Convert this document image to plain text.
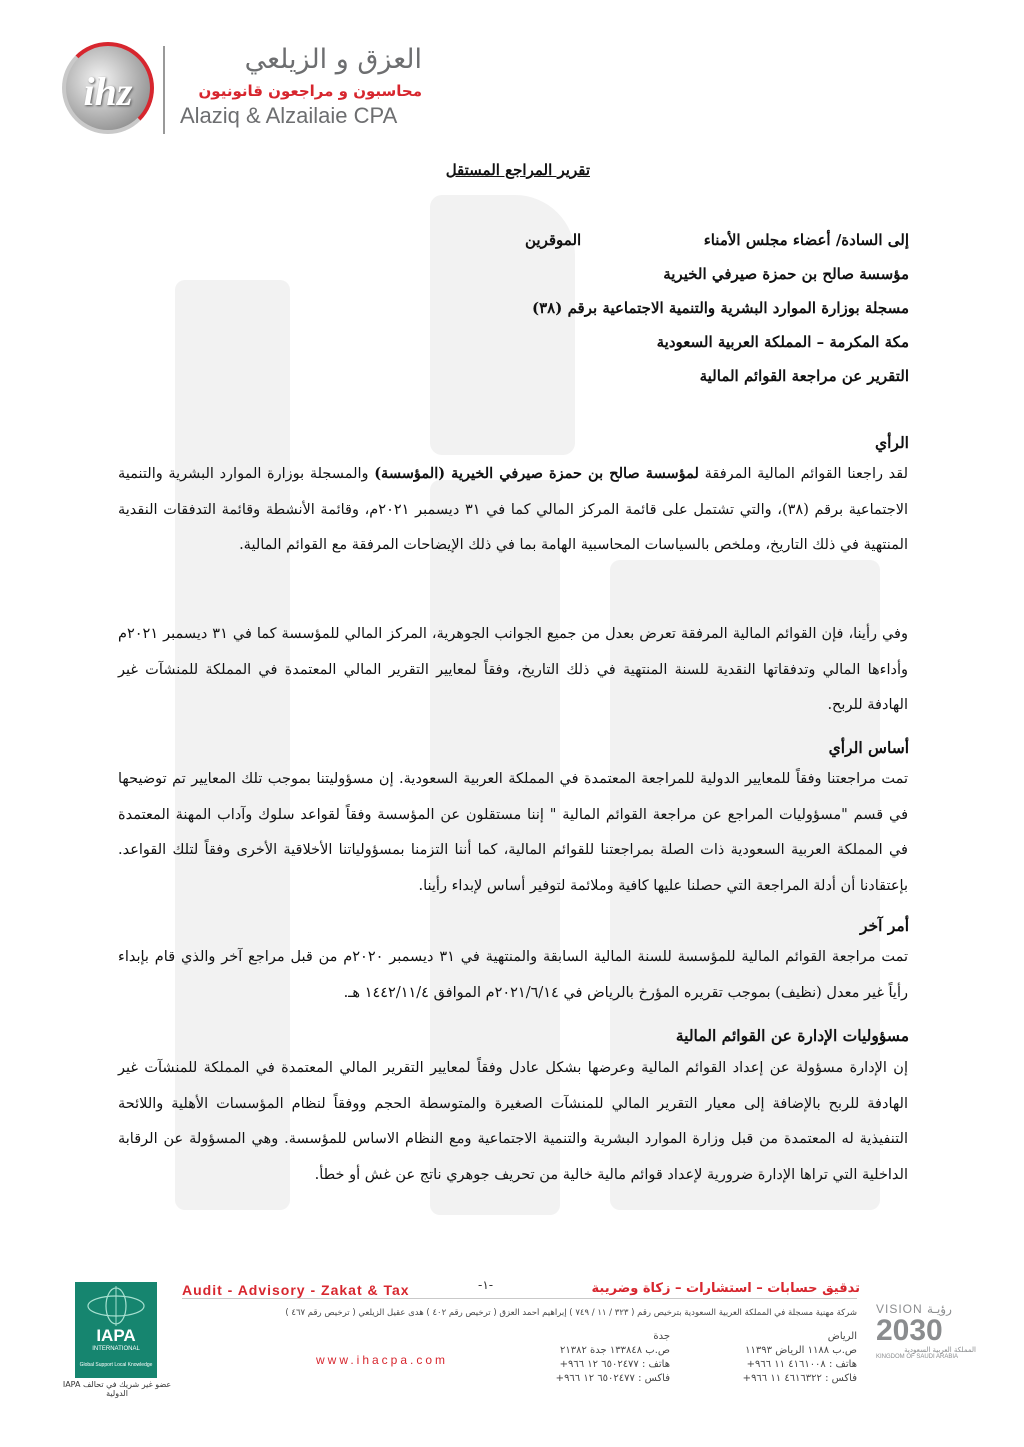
ihz
العزق و الزيلعي
محاسبون و مراجعون قانونيون
Alaziq & Alzailaie CPA
تقرير المراجع المستقل
إلى السادة/ أعضاء مجلس الأمناء  الموقرين
مؤسسة صالح بن حمزة صيرفي الخيرية
مسجلة بوزارة الموارد البشرية والتنمية الاجتماعية برقم (٣٨)
مكة المكرمة – المملكة العربية السعودية
التقرير عن مراجعة القوائم المالية
الرأي
لقد راجعنا القوائم المالية المرفقة لمؤسسة صالح بن حمزة صيرفي الخيرية (المؤسسة) والمسجلة بوزارة الموارد البشرية والتنمية الاجتماعية برقم (٣٨)، والتي تشتمل على قائمة المركز المالي كما في ٣١ ديسمبر ٢٠٢١م، وقائمة الأنشطة وقائمة التدفقات النقدية المنتهية في ذلك التاريخ، وملخص بالسياسات المحاسبية الهامة بما في ذلك الإيضاحات المرفقة مع القوائم المالية.
وفي رأينا، فإن القوائم المالية المرفقة تعرض بعدل من جميع الجوانب الجوهرية، المركز المالي للمؤسسة كما في ٣١ ديسمبر ٢٠٢١م وأداءها المالي وتدفقاتها النقدية للسنة المنتهية في ذلك التاريخ، وفقاً لمعايير التقرير المالي المعتمدة في المملكة للمنشآت غير الهادفة للربح.
أساس الرأي
تمت مراجعتنا وفقاً للمعايير الدولية للمراجعة المعتمدة في المملكة العربية السعودية. إن مسؤوليتنا بموجب تلك المعايير تم توضيحها في قسم "مسؤوليات المراجع عن مراجعة القوائم المالية " إننا مستقلون عن المؤسسة وفقاً لقواعد سلوك وآداب المهنة المعتمدة في المملكة العربية السعودية ذات الصلة بمراجعتنا للقوائم المالية، كما أننا التزمنا بمسؤولياتنا الأخلاقية الأخرى وفقاً لتلك القواعد. بإعتقادنا أن أدلة المراجعة التي حصلنا عليها كافية وملائمة لتوفير أساس لإبداء رأينا.
أمر آخر
تمت مراجعة القوائم المالية للمؤسسة للسنة المالية السابقة والمنتهية في ٣١ ديسمبر ٢٠٢٠م من قبل مراجع آخر والذي قام بإبداء رأياً غير معدل (نظيف) بموجب تقريره المؤرخ بالرياض في ٢٠٢١/٦/١٤م الموافق ١٤٤٢/١١/٤ هـ.
مسؤوليات الإدارة عن القوائم المالية
إن الإدارة مسؤولة عن إعداد القوائم المالية وعرضها بشكل عادل وفقاً لمعايير التقرير المالي المعتمدة في المملكة للمنشآت غير الهادفة للربح بالإضافة إلى معيار التقرير المالي للمنشآت الصغيرة والمتوسطة الحجم ووفقاً لنظام المؤسسات الأهلية واللائحة التنفيذية له المعتمدة من قبل وزارة الموارد البشرية والتنمية الاجتماعية ومع النظام الاساس للمؤسسة. وهي المسؤولة عن الرقابة الداخلية التي تراها الإدارة ضرورية لإعداد قوائم مالية خالية من تحريف جوهري ناتج عن غش أو خطأ.
IAPA
INTERNATIONAL
Global Support Local Knowledge
عضو غير شريك في تحالف IAPA الدولية
Audit - Advisory - Zakat & Tax	-١-	تدقيق حسابات – استشارات – زكاة وضريبة
شركة مهنية مسجلة في المملكة العربية السعودية بترخيص رقم ( ٣٢٣ / ١١ / ٧٤٩ ) إبراهيم أحمد العزق ( ترخيص رقم ٤٠٢ ) هدى عقيل الزيلعي ( ترخيص رقم ٤٦٧ )
www.ihacpa.com
جدة
ص.ب ١٣٣٨٤٨ جدة ٢١٣٨٢
هاتف : ٦٥٠٢٤٧٧ ١٢ ٩٦٦+
فاكس : ٦٥٠٢٤٧٧ ١٢ ٩٦٦+
الرياض
ص.ب ١١٨٨ الرياض ١١٣٩٣
هاتف : ٤١٦١٠٠٨ ١١ ٩٦٦+
فاكس : ٤٦١٦٣٢٢ ١١ ٩٦٦+
VISION رؤيـة
2030
المملكة العربية السعودية
KINGDOM OF SAUDI ARABIA
